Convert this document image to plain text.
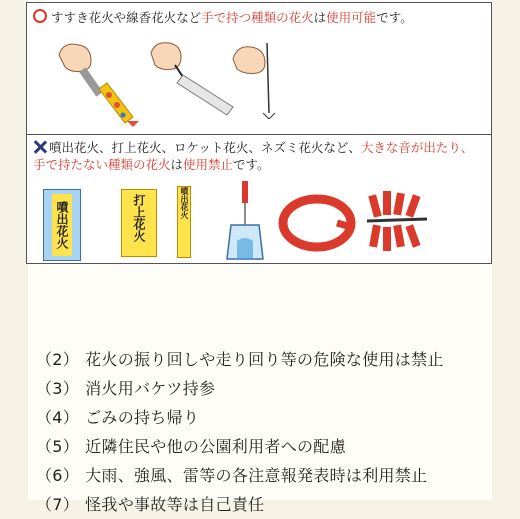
すすき花火や線香花火など手で持つ種類の花火は使用可能です。
噴出花火、打上花火、ロケット花火、ネズミ花火など、大きな音が出たり、
手で持たない種類の花火は使用禁止です。
噴出花火	打上花火	噴出花火
（2） 花火の振り回しや走り回り等の危険な使用は禁止
（3） 消火用バケツ持参
（4） ごみの持ち帰り
（5） 近隣住民や他の公園利用者への配慮
（6） 大雨、強風、雷等の各注意報発表時は利用禁止
（7） 怪我や事故等は自己責任
